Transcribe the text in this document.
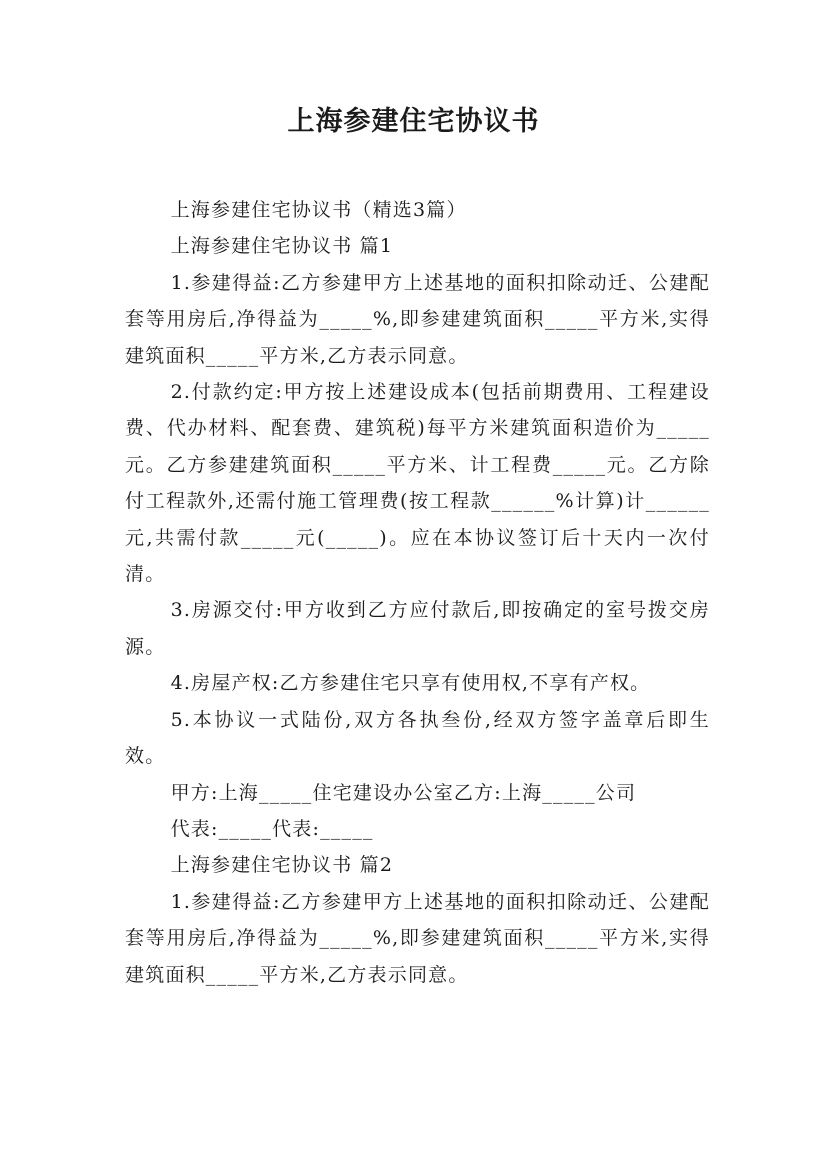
上海参建住宅协议书

上海参建住宅协议书（精选3篇）

上海参建住宅协议书 篇1

1.参建得益:乙方参建甲方上述基地的面积扣除动迁、公建配套等用房后,净得益为_____%,即参建建筑面积_____平方米,实得建筑面积_____平方米,乙方表示同意。

2.付款约定:甲方按上述建设成本(包括前期费用、工程建设费、代办材料、配套费、建筑税)每平方米建筑面积造价为_____元。乙方参建建筑面积_____平方米、计工程费_____元。乙方除付工程款外,还需付施工管理费(按工程款______%计算)计______元,共需付款_____元(_____)。应在本协议签订后十天内一次付清。

3.房源交付:甲方收到乙方应付款后,即按确定的室号拨交房源。

4.房屋产权:乙方参建住宅只享有使用权,不享有产权。

5.本协议一式陆份,双方各执叁份,经双方签字盖章后即生效。

甲方:上海_____住宅建设办公室乙方:上海_____公司

代表:_____代表:_____

上海参建住宅协议书 篇2

1.参建得益:乙方参建甲方上述基地的面积扣除动迁、公建配套等用房后,净得益为_____%,即参建建筑面积_____平方米,实得建筑面积_____平方米,乙方表示同意。
